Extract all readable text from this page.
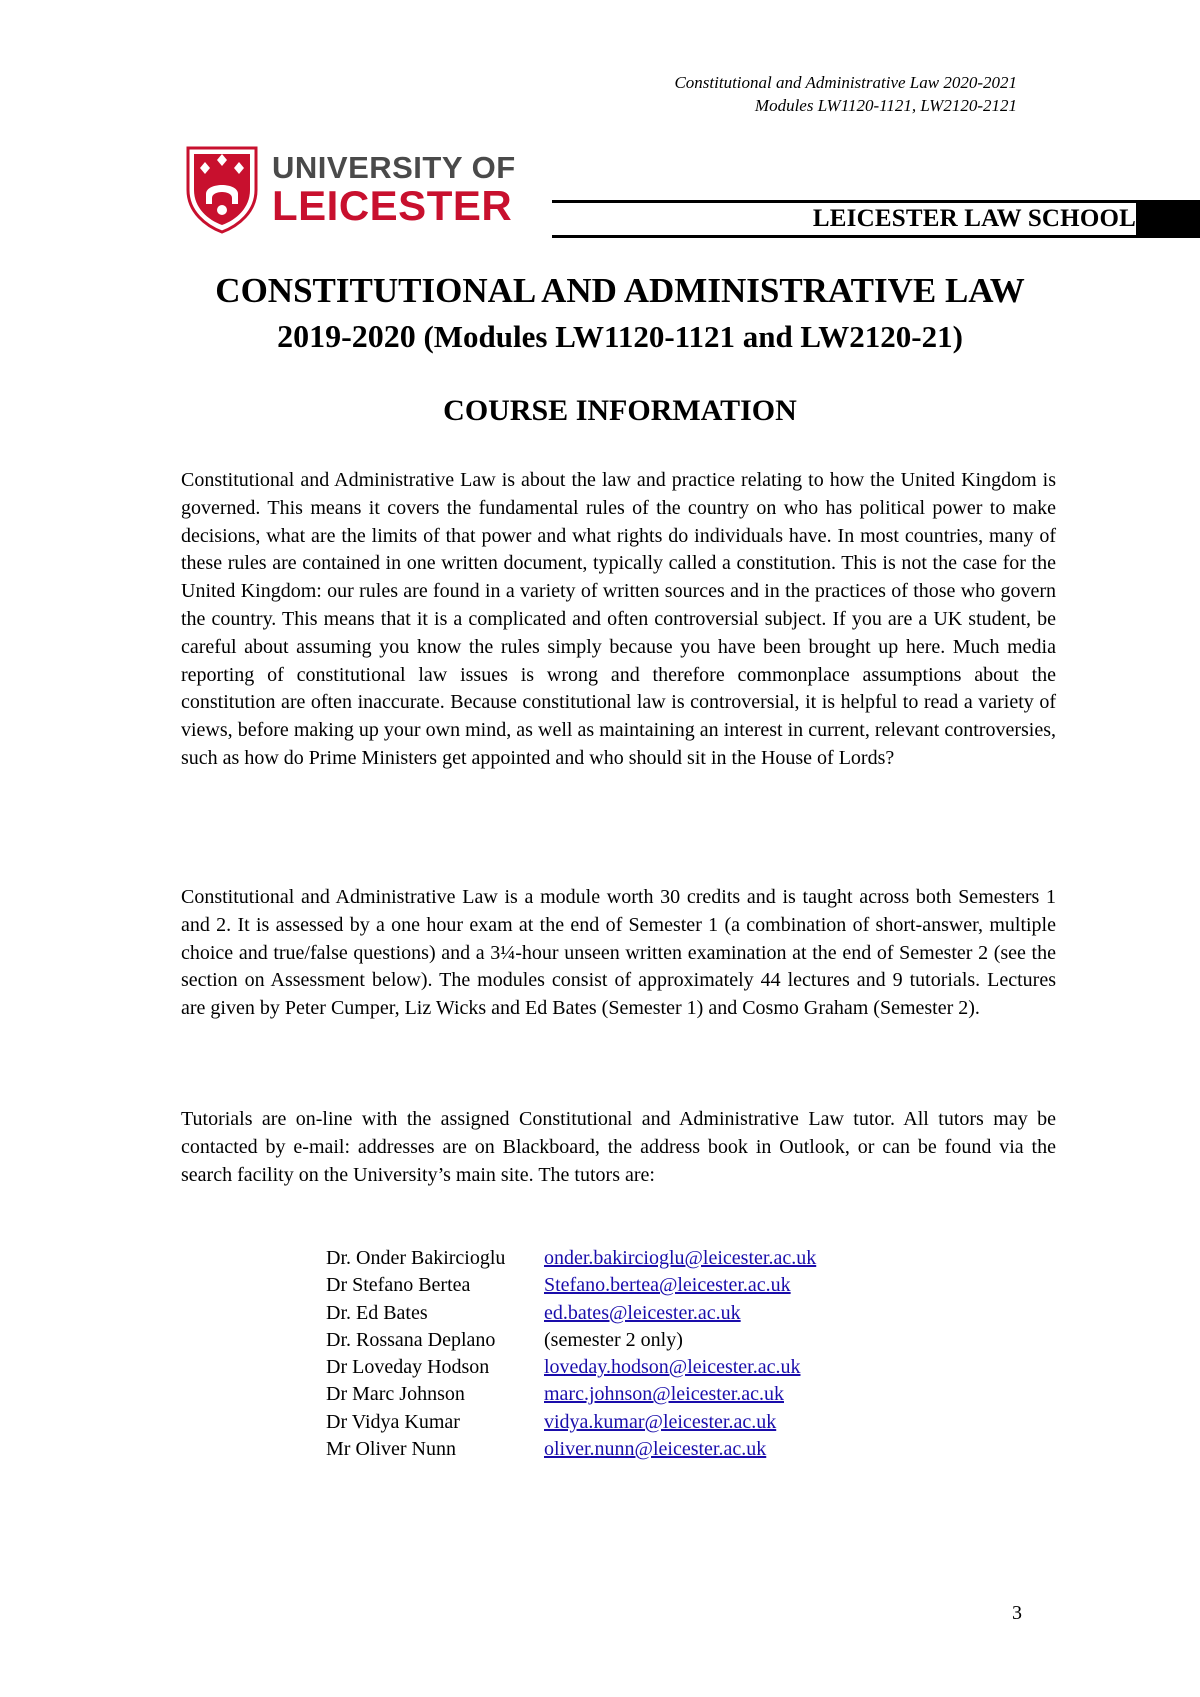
Constitutional and Administrative Law 2020-2021
Modules LW1120-1121, LW2120-2121
UNIVERSITY OF
LEICESTER	LEICESTER LAW SCHOOL
CONSTITUTIONAL AND ADMINISTRATIVE LAW
2019-2020 (Modules LW1120-1121 and LW2120-21)
COURSE INFORMATION

Constitutional and Administrative Law is about the law and practice relating to how the United Kingdom is governed. This means it covers the fundamental rules of the country on who has political power to make decisions, what are the limits of that power and what rights do individuals have. In most countries, many of these rules are contained in one written document, typically called a constitution. This is not the case for the United Kingdom: our rules are found in a variety of written sources and in the practices of those who govern the country. This means that it is a complicated and often controversial subject. If you are a UK student, be careful about assuming you know the rules simply because you have been brought up here. Much media reporting of constitutional law issues is wrong and therefore commonplace assumptions about the constitution are often inaccurate. Because constitutional law is controversial, it is helpful to read a variety of views, before making up your own mind, as well as maintaining an interest in current, relevant controversies, such as how do Prime Ministers get appointed and who should sit in the House of Lords?

Constitutional and Administrative Law is a module worth 30 credits and is taught across both Semesters 1 and 2. It is assessed by a one hour exam at the end of Semester 1 (a combination of short-answer, multiple choice and true/false questions) and a 3¼-hour unseen written examination at the end of Semester 2 (see the section on Assessment below). The modules consist of approximately 44 lectures and 9 tutorials. Lectures are given by Peter Cumper, Liz Wicks and Ed Bates (Semester 1) and Cosmo Graham (Semester 2).

Tutorials are on-line with the assigned Constitutional and Administrative Law tutor. All tutors may be contacted by e-mail: addresses are on Blackboard, the address book in Outlook, or can be found via the search facility on the University’s main site. The tutors are:

Dr. Onder Bakircioglu	onder.bakircioglu@leicester.ac.uk
Dr Stefano Bertea	Stefano.bertea@leicester.ac.uk
Dr. Ed Bates	ed.bates@leicester.ac.uk
Dr. Rossana Deplano	(semester 2 only)
Dr Loveday Hodson	loveday.hodson@leicester.ac.uk
Dr Marc Johnson	marc.johnson@leicester.ac.uk
Dr Vidya Kumar	vidya.kumar@leicester.ac.uk
Mr Oliver Nunn	oliver.nunn@leicester.ac.uk
3
